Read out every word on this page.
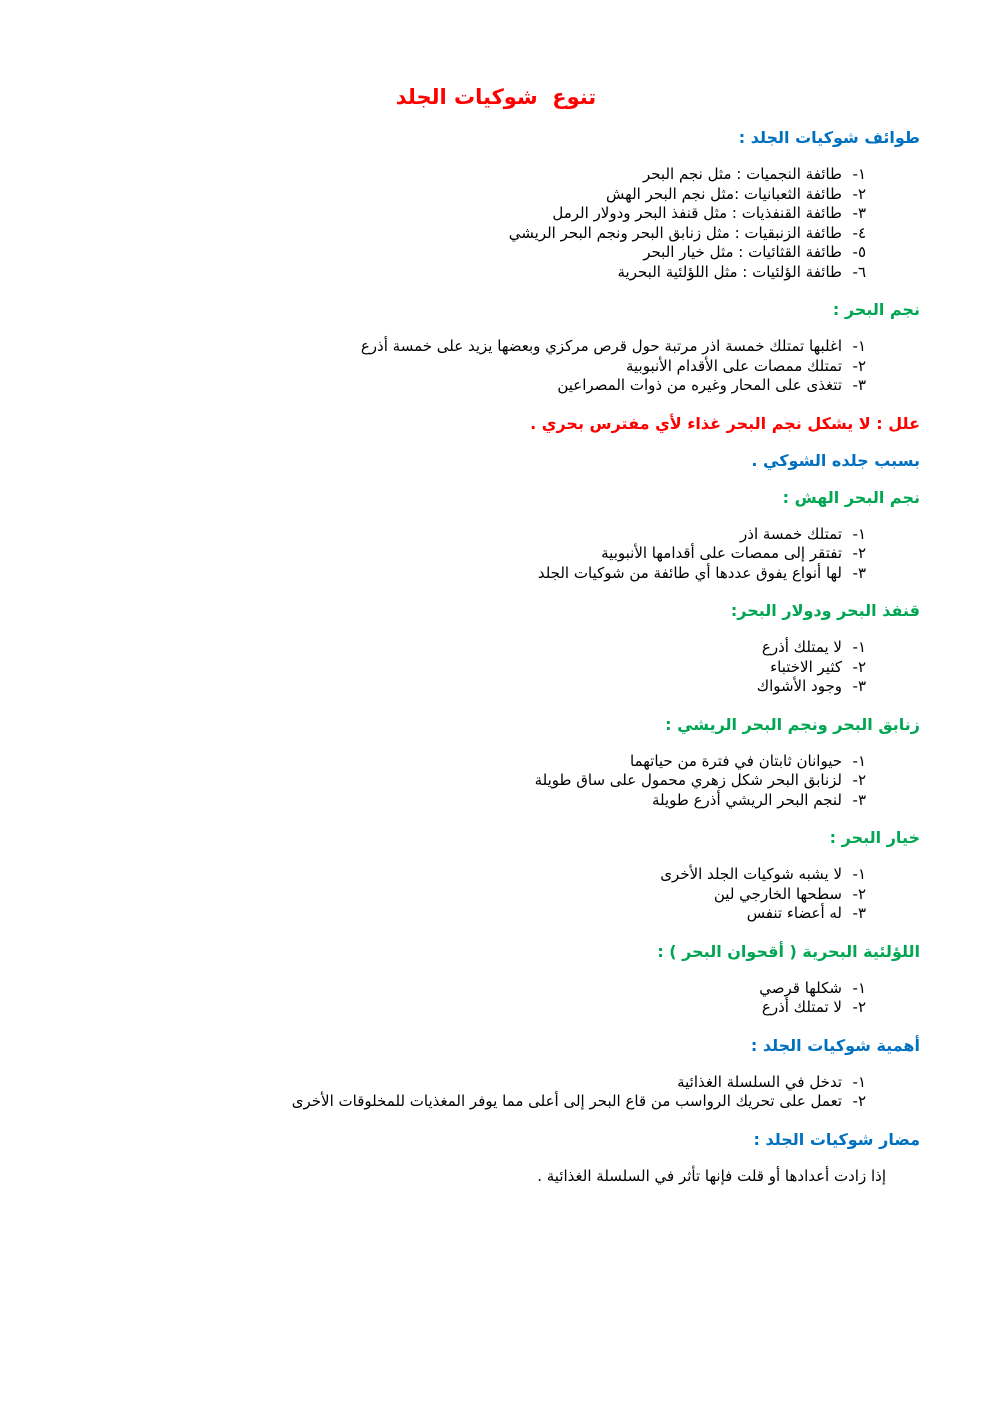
تنوع  شوكيات الجلد
طوائف شوكيات الجلد :
١-
طائفة النجميات : مثل نجم البحر
٢-
طائفة الثعبانيات :مثل نجم البحر الهش
٣-
طائفة القنفذيات : مثل قنفذ البحر ودولار الرمل
٤-
طائفة الزنبقيات : مثل زنابق البحر ونجم البحر الريشي
٥-
طائفة القثائيات : مثل خيار البحر
٦-
طائفة الؤلئيات : مثل اللؤلئية البحرية
نجم البحر :
١-
اغلبها تمتلك خمسة اذر مرتبة حول قرص مركزي وبعضها يزيد على خمسة أذرع
٢-
تمتلك ممصات على الأقدام الأنبوبية
٣-
تتغذى على المحار وغيره من ذوات المصراعين
علل : لا يشكل نجم البحر غذاء لأي مفترس بحري .
بسبب جلده الشوكي .
نجم البحر الهش :
١-
تمتلك خمسة اذر
٢-
تفتقر إلى ممصات على أقدامها الأنبوبية
٣-
لها أنواع يفوق عددها أي طائفة من شوكيات الجلد
قنفذ البحر ودولار البحر:
١-
لا يمتلك أذرع
٢-
كثير الاختباء
٣-
وجود الأشواك
زنابق البحر ونجم البحر الريشي :
١-
حيوانان ثابتان في فترة من حياتهما
٢-
لزنابق البحر شكل زهري محمول على ساق طويلة
٣-
لنجم البحر الريشي أذرع طويلة
خيار البحر :
١-
لا يشبه شوكيات الجلد الأخرى
٢-
سطحها الخارجي لين
٣-
له أعضاء تنفس
اللؤلئية البحرية ( أقحوان البحر ) :
١-
شكلها قرصي
٢-
لا تمتلك أذرع
أهمية شوكيات الجلد :
١-
تدخل في السلسلة الغذائية
٢-
تعمل على تحريك الرواسب من قاع البحر إلى أعلى مما يوفر المغذيات للمخلوقات الأخرى
مضار شوكيات الجلد :
إذا زادت أعدادها أو قلت فإنها تأثر في السلسلة الغذائية .
